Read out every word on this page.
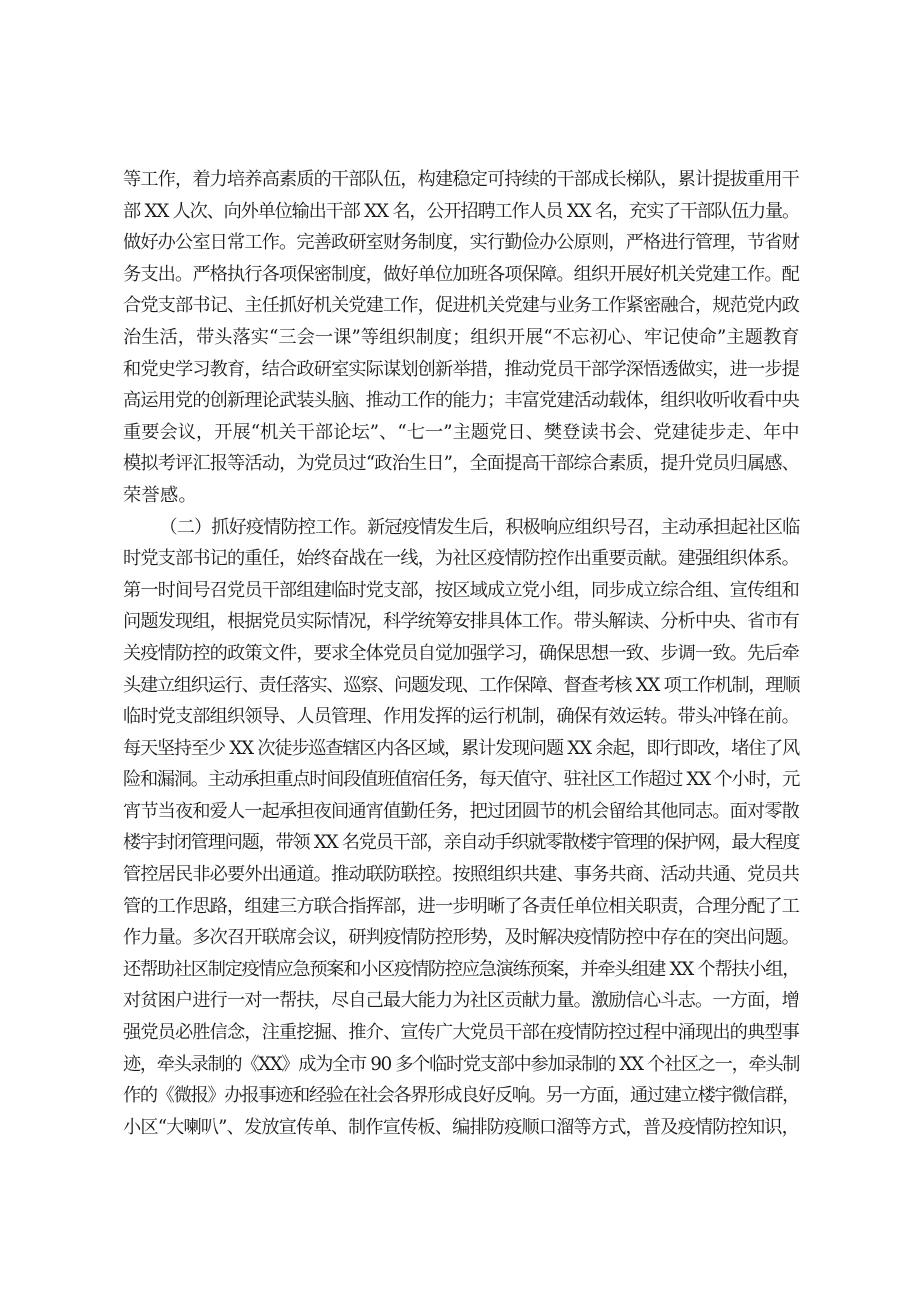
等工作，着力培养高素质的干部队伍，构建稳定可持续的干部成长梯队，累计提拔重用干
部 XX 人次、向外单位输出干部 XX 名，公开招聘工作人员 XX 名，充实了干部队伍力量。
做好办公室日常工作。完善政研室财务制度，实行勤俭办公原则，严格进行管理，节省财
务支出。严格执行各项保密制度，做好单位加班各项保障。组织开展好机关党建工作。配
合党支部书记、主任抓好机关党建工作，促进机关党建与业务工作紧密融合，规范党内政
治生活，带头落实“三会一课”等组织制度；组织开展“不忘初心、牢记使命”主题教育
和党史学习教育，结合政研室实际谋划创新举措，推动党员干部学深悟透做实，进一步提
高运用党的创新理论武装头脑、推动工作的能力；丰富党建活动载体，组织收听收看中央
重要会议，开展“机关干部论坛”、“七一”主题党日、樊登读书会、党建徒步走、年中
模拟考评汇报等活动，为党员过“政治生日”，全面提高干部综合素质，提升党员归属感、
荣誉感。
（二）抓好疫情防控工作。新冠疫情发生后，积极响应组织号召，主动承担起社区临
时党支部书记的重任，始终奋战在一线，为社区疫情防控作出重要贡献。建强组织体系。
第一时间号召党员干部组建临时党支部，按区域成立党小组，同步成立综合组、宣传组和
问题发现组，根据党员实际情况，科学统筹安排具体工作。带头解读、分析中央、省市有
关疫情防控的政策文件，要求全体党员自觉加强学习，确保思想一致、步调一致。先后牵
头建立组织运行、责任落实、巡察、问题发现、工作保障、督查考核 XX 项工作机制，理顺
临时党支部组织领导、人员管理、作用发挥的运行机制，确保有效运转。带头冲锋在前。
每天坚持至少 XX 次徒步巡查辖区内各区域，累计发现问题 XX 余起，即行即改，堵住了风
险和漏洞。主动承担重点时间段值班值宿任务，每天值守、驻社区工作超过 XX 个小时，元
宵节当夜和爱人一起承担夜间通宵值勤任务，把过团圆节的机会留给其他同志。面对零散
楼宇封闭管理问题，带领 XX 名党员干部，亲自动手织就零散楼宇管理的保护网，最大程度
管控居民非必要外出通道。推动联防联控。按照组织共建、事务共商、活动共通、党员共
管的工作思路，组建三方联合指挥部，进一步明晰了各责任单位相关职责，合理分配了工
作力量。多次召开联席会议，研判疫情防控形势，及时解决疫情防控中存在的突出问题。
还帮助社区制定疫情应急预案和小区疫情防控应急演练预案，并牵头组建 XX 个帮扶小组，
对贫困户进行一对一帮扶，尽自己最大能力为社区贡献力量。激励信心斗志。一方面，增
强党员必胜信念，注重挖掘、推介、宣传广大党员干部在疫情防控过程中涌现出的典型事
迹，牵头录制的《XX》成为全市 90 多个临时党支部中参加录制的 XX 个社区之一，牵头制
作的《微报》办报事迹和经验在社会各界形成良好反响。另一方面，通过建立楼宇微信群，
小区“大喇叭”、发放宣传单、制作宣传板、编排防疫顺口溜等方式，普及疫情防控知识，
